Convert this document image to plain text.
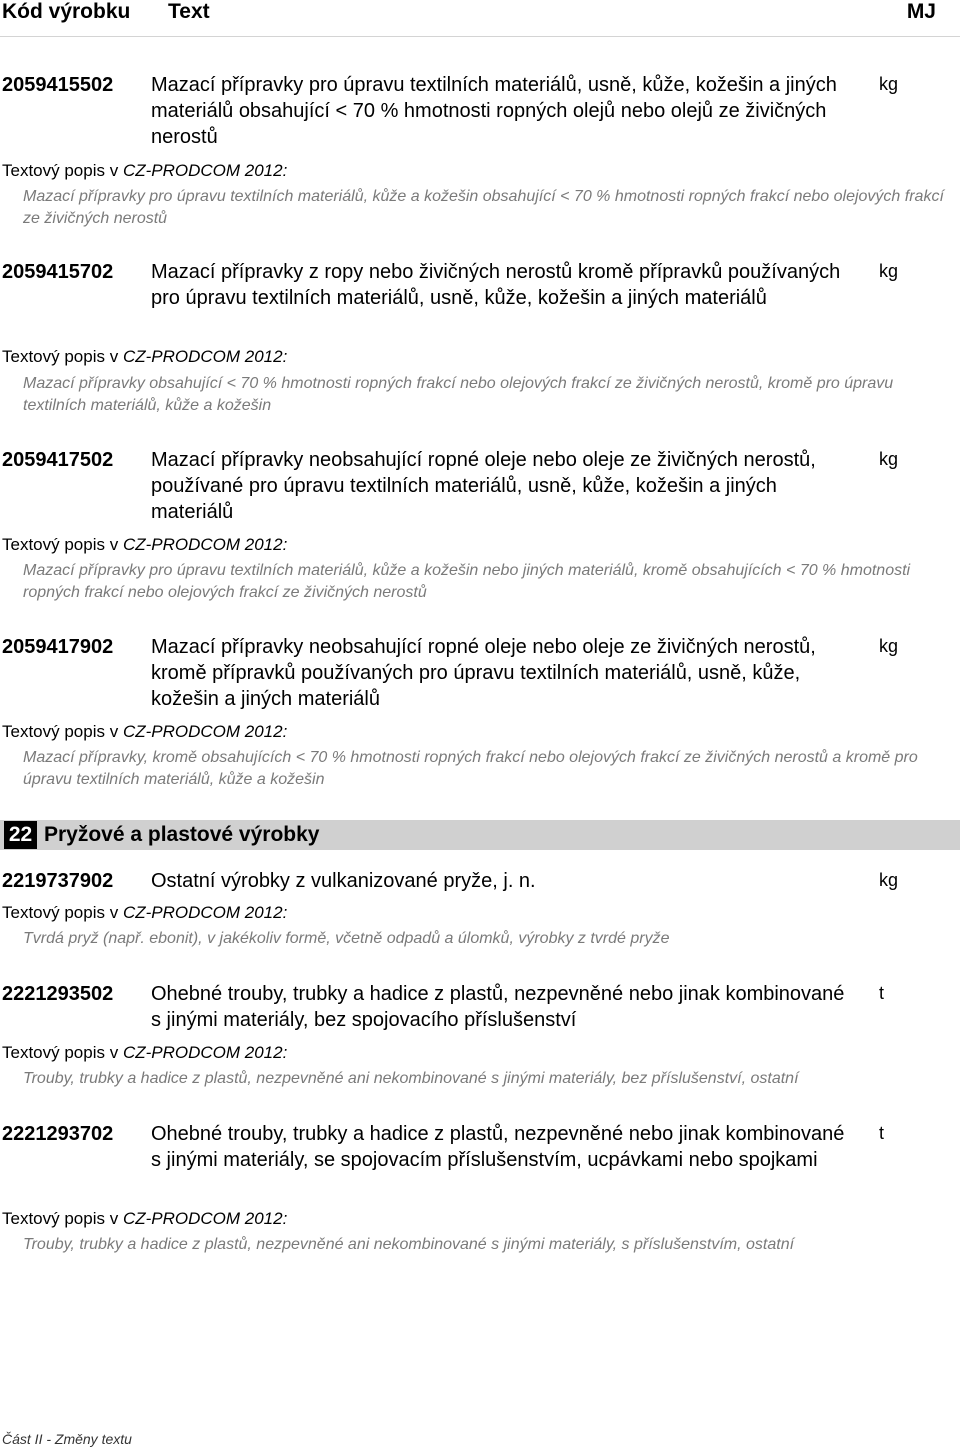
Kód výrobku Text	MJ
2059415502 Mazací přípravky pro úpravu textilních materiálů, usně, kůže, kožešin a jiných materiálů obsahující < 70 % hmotnosti ropných olejů nebo olejů ze živičných nerostů
kg
Textový popis v CZ-PRODCOM 2012:
Mazací přípravky pro úpravu textilních materiálů, kůže a kožešin obsahující < 70 % hmotnosti ropných frakcí nebo olejových frakcí ze živičných nerostů
2059415702 Mazací přípravky z ropy nebo živičných nerostů kromě přípravků používaných pro úpravu textilních materiálů, usně, kůže, kožešin a jiných materiálů
kg
Textový popis v CZ-PRODCOM 2012:
Mazací přípravky obsahující < 70 % hmotnosti ropných frakcí nebo olejových frakcí ze živičných nerostů, kromě pro úpravu textilních materiálů, kůže a kožešin
2059417502 Mazací přípravky neobsahující ropné oleje nebo oleje ze živičných nerostů, používané pro úpravu textilních materiálů, usně, kůže, kožešin a jiných materiálů
kg
Textový popis v CZ-PRODCOM 2012:
Mazací přípravky pro úpravu textilních materiálů, kůže a kožešin nebo jiných materiálů, kromě obsahujících < 70 % hmotnosti ropných frakcí nebo olejových frakcí ze živičných nerostů
2059417902 Mazací přípravky neobsahující ropné oleje nebo oleje ze živičných nerostů, kromě přípravků používaných pro úpravu textilních materiálů, usně, kůže, kožešin a jiných materiálů
kg
Textový popis v CZ-PRODCOM 2012:
Mazací přípravky, kromě obsahujících < 70 % hmotnosti ropných frakcí nebo olejových frakcí ze živičných nerostů a kromě pro úpravu textilních materiálů, kůže a kožešin
22 Pryžové a plastové výrobky
2219737902 Ostatní výrobky z vulkanizované pryže, j. n.	kg
Textový popis v CZ-PRODCOM 2012:
Tvrdá pryž (např. ebonit), v jakékoliv formě, včetně odpadů a úlomků, výrobky z tvrdé pryže
2221293502 Ohebné trouby, trubky a hadice z plastů, nezpevněné nebo jinak kombinované s jinými materiály, bez spojovacího příslušenství
t
Textový popis v CZ-PRODCOM 2012:
Trouby, trubky a hadice z plastů, nezpevněné ani nekombinované s jinými materiály, bez příslušenství, ostatní
2221293702 Ohebné trouby, trubky a hadice z plastů, nezpevněné nebo jinak kombinované s jinými materiály, se spojovacím příslušenstvím, ucpávkami nebo spojkami
t
Textový popis v CZ-PRODCOM 2012:
Trouby, trubky a hadice z plastů, nezpevněné ani nekombinované s jinými materiály, s příslušenstvím, ostatní
Část II - Změny textu
